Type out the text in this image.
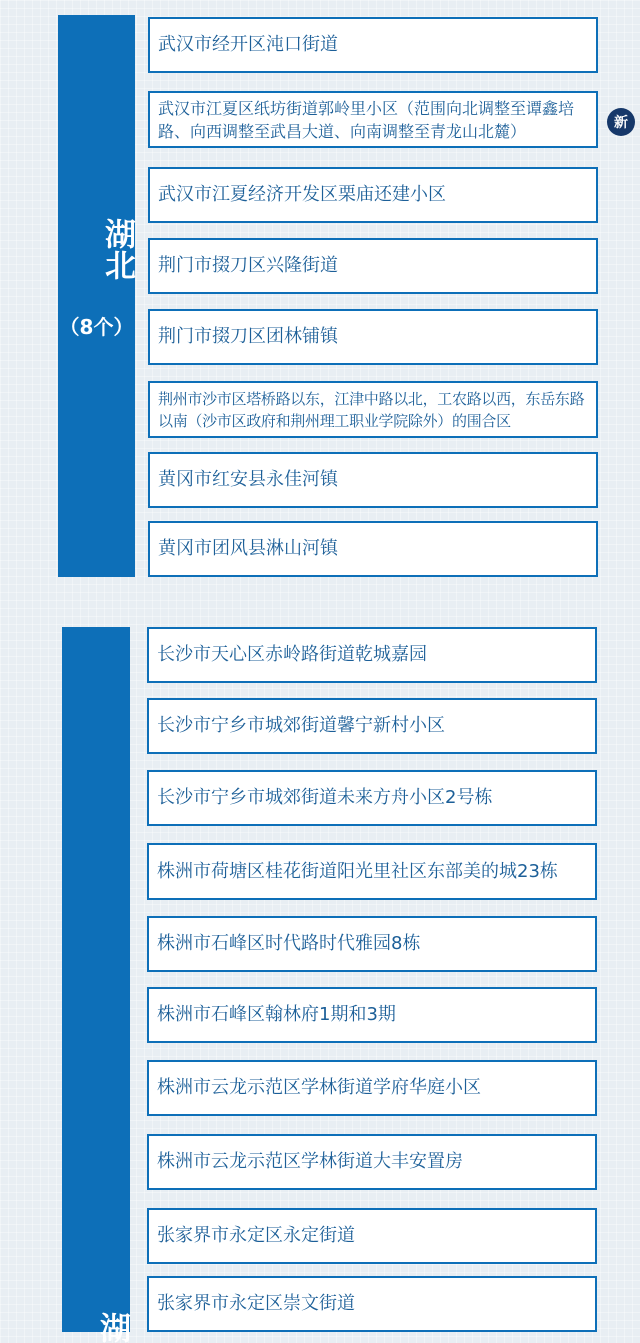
湖北
（8个）
武汉市经开区沌口街道
武汉市江夏区纸坊街道郭岭里小区（范围向北调整至谭鑫培路、向西调整至武昌大道、向南调整至青龙山北麓）	新
武汉市江夏经济开发区栗庙还建小区
荆门市掇刀区兴隆街道
荆门市掇刀区团林铺镇
荆州市沙市区塔桥路以东，江津中路以北，工农路以西，东岳东路以南（沙市区政府和荆州理工职业学院除外）的围合区
黄冈市红安县永佳河镇
黄冈市团风县淋山河镇
湖
长沙市天心区赤岭路街道乾城嘉园
长沙市宁乡市城郊街道馨宁新村小区
长沙市宁乡市城郊街道未来方舟小区2号栋
株洲市荷塘区桂花街道阳光里社区东部美的城23栋
株洲市石峰区时代路时代雅园8栋
株洲市石峰区翰林府1期和3期
株洲市云龙示范区学林街道学府华庭小区
株洲市云龙示范区学林街道大丰安置房
张家界市永定区永定街道
张家界市永定区崇文街道
